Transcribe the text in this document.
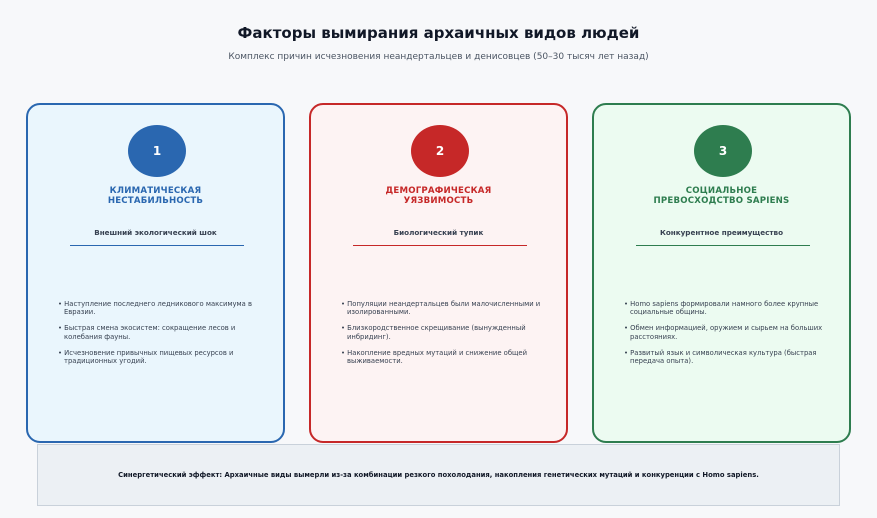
Факторы вымирания архаичных видов людей
Комплекс причин исчезновения неандертальцев и денисовцев (50–30 тысяч лет назад)
1
КЛИМАТИЧЕСКАЯ
НЕСТАБИЛЬНОСТЬ
Внешний экологический шок
• Наступление последнего ледникового максимума в Евразии.
• Быстрая смена экосистем: сокращение лесов и колебания фауны.
• Исчезновение привычных пищевых ресурсов и традиционных угодий.
2
ДЕМОГРАФИЧЕСКАЯ
УЯЗВИМОСТЬ
Биологический тупик
• Популяции неандертальцев были малочисленными и изолированными.
• Близкородственное скрещивание (вынужденный инбридинг).
• Накопление вредных мутаций и снижение общей выживаемости.
3
СОЦИАЛЬНОЕ
ПРЕВОСХОДСТВО SAPIENS
Конкурентное преимущество
• Homo sapiens формировали намного более крупные социальные общины.
• Обмен информацией, оружием и сырьем на больших расстояниях.
• Развитый язык и символическая культура (быстрая передача опыта).
Синергетический эффект: Архаичные виды вымерли из-за комбинации резкого похолодания, накопления генетических мутаций и конкуренции с Homo sapiens.
